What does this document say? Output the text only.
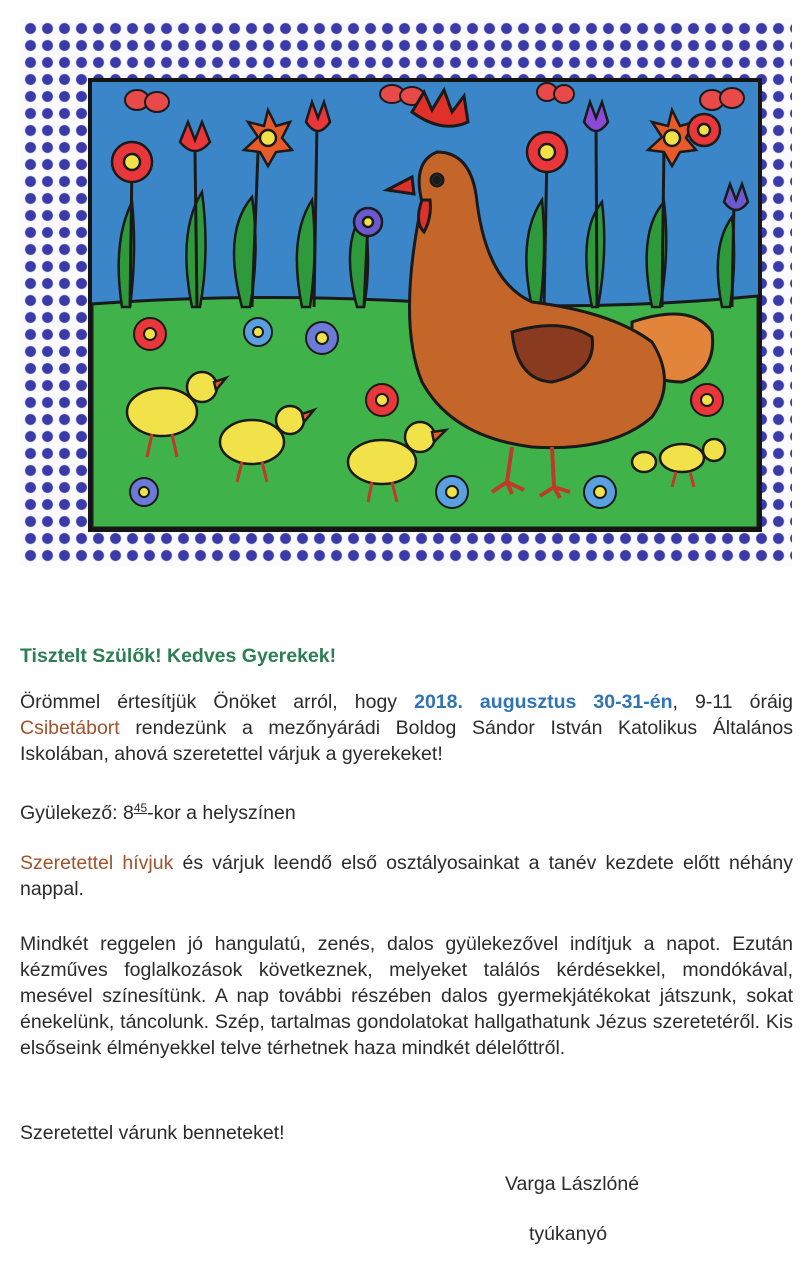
Tisztelt Szülők! Kedves Gyerekek!
Örömmel értesítjük Önöket arról, hogy 2018. augusztus 30-31-én, 9-11 óráig Csibetábort rendezünk a mezőnyárádi Boldog Sándor István Katolikus Általános Iskolában, ahová szeretettel várjuk a gyerekeket!
Gyülekező: $8^{45}$-kor a helyszínen
Szeretettel hívjuk és várjuk leendő első osztályosainkat a tanév kezdete előtt néhány nappal.
Mindkét reggelen jó hangulatú, zenés, dalos gyülekezővel indítjuk a napot. Ezután kézműves foglalkozások következnek, melyeket találós kérdésekkel, mondókával, mesével színesítünk. A nap további részében dalos gyermekjátékokat játszunk, sokat énekelünk, táncolunk. Szép, tartalmas gondolatokat hallgathatunk Jézus szeretetéről. Kis elsőseink élményekkel telve térhetnek haza mindkét délelőttről.
Szeretettel várunk benneteket!
Varga Lászlóné
tyúkanyó
